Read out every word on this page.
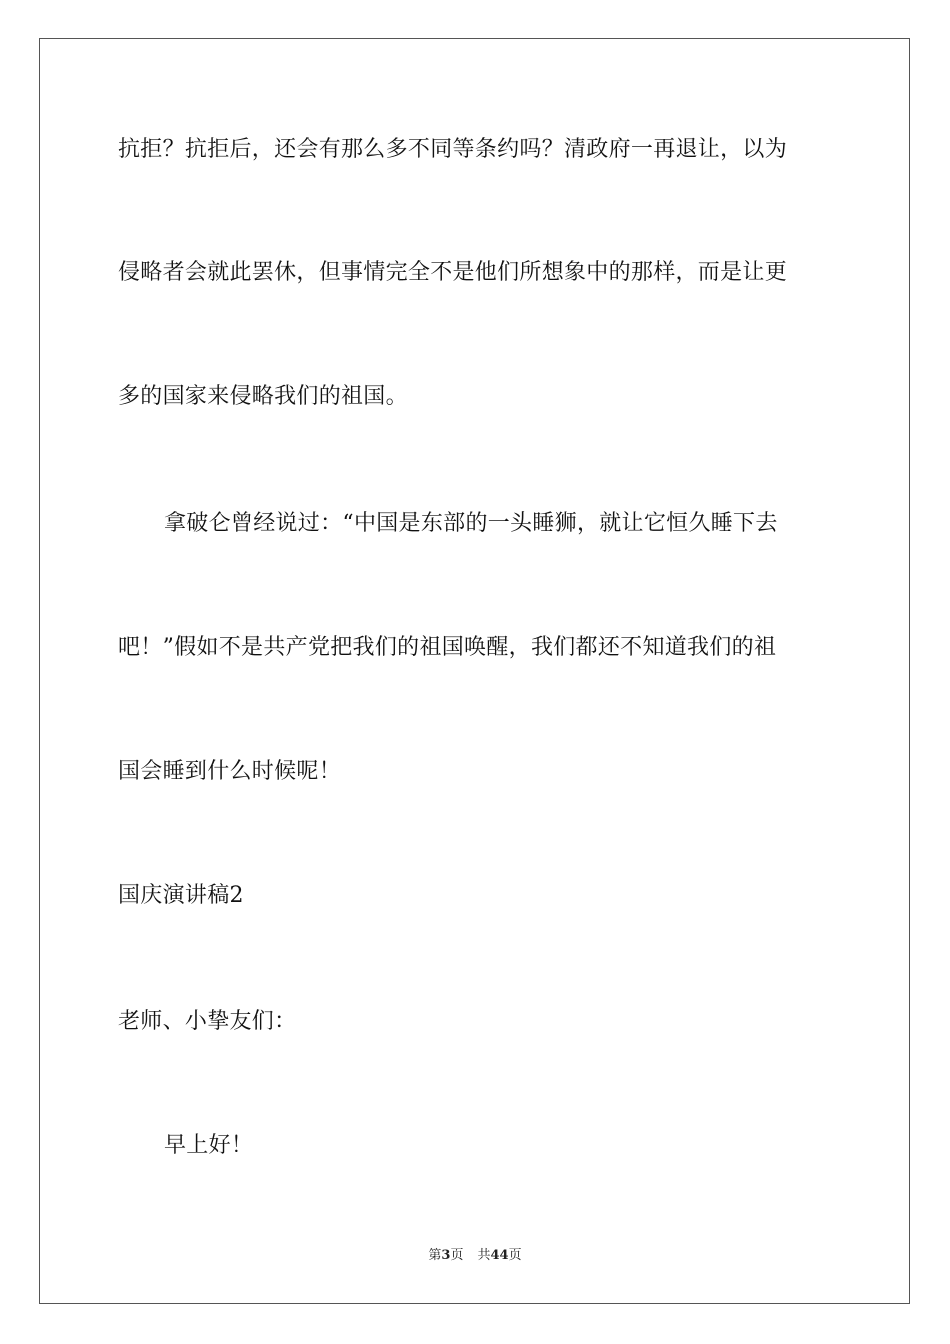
抗拒？抗拒后，还会有那么多不同等条约吗？清政府一再退让，以为
侵略者会就此罢休，但事情完全不是他们所想象中的那样，而是让更
多的国家来侵略我们的祖国。
拿破仑曾经说过：“中国是东部的一头睡狮，就让它恒久睡下去
吧！”假如不是共产党把我们的祖国唤醒，我们都还不知道我们的祖
国会睡到什么时候呢！
国庆演讲稿2
老师、小挚友们：
早上好！
第3页 共44页
